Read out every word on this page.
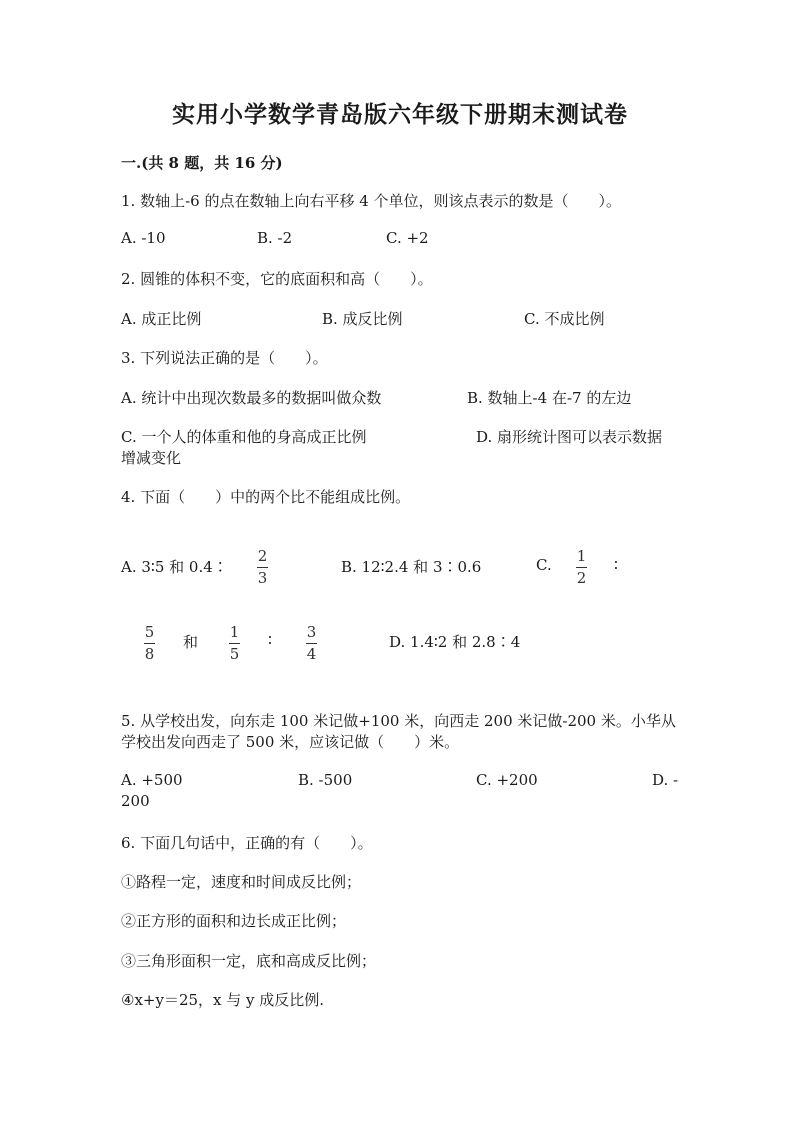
实用小学数学青岛版六年级下册期末测试卷
一.(共 8 题，共 16 分)
1. 数轴上-6 的点在数轴上向右平移 4 个单位，则该点表示的数是（　　）。
A. -10	B. -2	C. +2
2. 圆锥的体积不变，它的底面积和高（　　）。
A. 成正比例	B. 成反比例	C. 不成比例
3. 下列说法正确的是（　　）。
A. 统计中出现次数最多的数据叫做众数	B. 数轴上-4 在-7 的左边
C. 一个人的体重和他的身高成正比例	D. 扇形统计图可以表示数据
增减变化
4. 下面（　　）中的两个比不能组成比例。
A. 3∶5 和 0.4∶
2
3
B. 12∶2.4 和 3∶0.6	C. 1
2
∶
5
8
和
1
5
∶ 3
4
D. 1.4∶2 和 2.8∶4
5. 从学校出发，向东走 100 米记做+100 米，向西走 200 米记做-200 米。小华从
学校出发向西走了 500 米，应该记做（　　）米。
A. +500	B. -500	C. +200	D. -
200
6. 下面几句话中，正确的有（　　）。
①路程一定，速度和时间成反比例；
②正方形的面积和边长成正比例；
③三角形面积一定，底和高成反比例；
④x+y＝25，x 与 y 成反比例.
